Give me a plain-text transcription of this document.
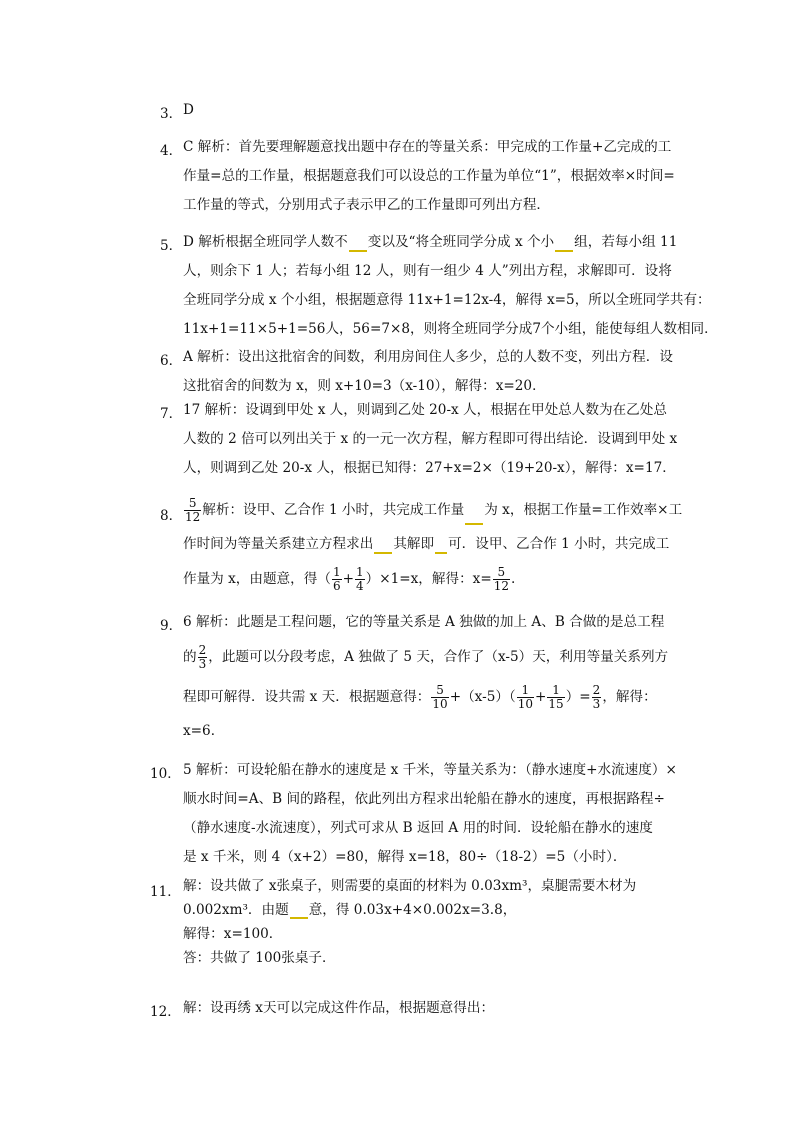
3． D
4． C 解析：首先要理解题意找出题中存在的等量关系：甲完成的工作量+乙完成的工
作量=总的工作量，根据题意我们可以设总的工作量为单位“1”，根据效率×时间=
工作量的等式，分别用式子表示甲乙的工作量即可列出方程．
5． D 解析根据全班同学人数不 变以及“将全班同学分成 x 个小 组，若每小组 11
人，则余下 1 人；若每小组 12 人，则有一组少 4 人”列出方程，求解即可．设将
全班同学分成 x 个小组，根据题意得 11x+1=12x-4，解得 x=5，所以全班同学共有：
11x+1=11×5+1=56人，56=7×8，则将全班同学分成7个小组，能使每组人数相同．
6． A 解析：设出这批宿舍的间数，利用房间住人多少，总的人数不变，列出方程．设
这批宿舍的间数为 x，则 x+10=3（x-10），解得：x=20．
7． 17 解析：设调到甲处 x 人，则调到乙处 20-x 人，根据在甲处总人数为在乙处总
人数的 2 倍可以列出关于 x 的一元一次方程，解方程即可得出结论．设调到甲处 x
人，则调到乙处 20-x 人，根据已知得：27+x=2×（19+20-x），解得：x=17．
8． $\frac{5}{12}$ 解析：设甲、乙合作 1 小时，共完成工作量 为 x，根据工作量=工作效率×工
作时间为等量关系建立方程求出 其解即 可．设甲、乙合作 1 小时，共完成工
作量为 x，由题意，得（ $\frac{1}{6} + \frac{1}{4} )\times 1=x$，解得：$x= \frac{5}{12}$ .
9． 6 解析：此题是工程问题，它的等量关系是 A 独做的加上 A、B 合做的是总工程
的 $\frac{2}{3}$ ，此题可以分段考虑，A 独做了 5 天，合作了（x-5）天，利用等量关系列方
程即可解得．设共需 x 天．根据题意得： $\frac{5}{10} +(x-5)( \frac{1}{10} + \frac{1}{15}$ ）= $\frac{2}{3}$ ，解得：
x=6．
10． 5 解析：可设轮船在静水的速度是 x 千米，等量关系为：（静水速度+水流速度）×
顺水时间=A、B 间的路程，依此列出方程求出轮船在静水的速度，再根据路程÷
（静水速度-水流速度），列式可求从 B 返回 A 用的时间．设轮船在静水的速度
是 x 千米，则 4（x+2）=80，解得 x=18，80÷（18-2）=5（小时）．
11． 解：设共做了 x张桌子，则需要的桌面的材料为 0.03xm³，桌腿需要木材为
0.002xm³．由题 意，得 0.03x+4×0.002x=3.8，
解得：x=100．
答：共做了 100张桌子．
12． 解：设再绣 x天可以完成这件作品，根据题意得出：
